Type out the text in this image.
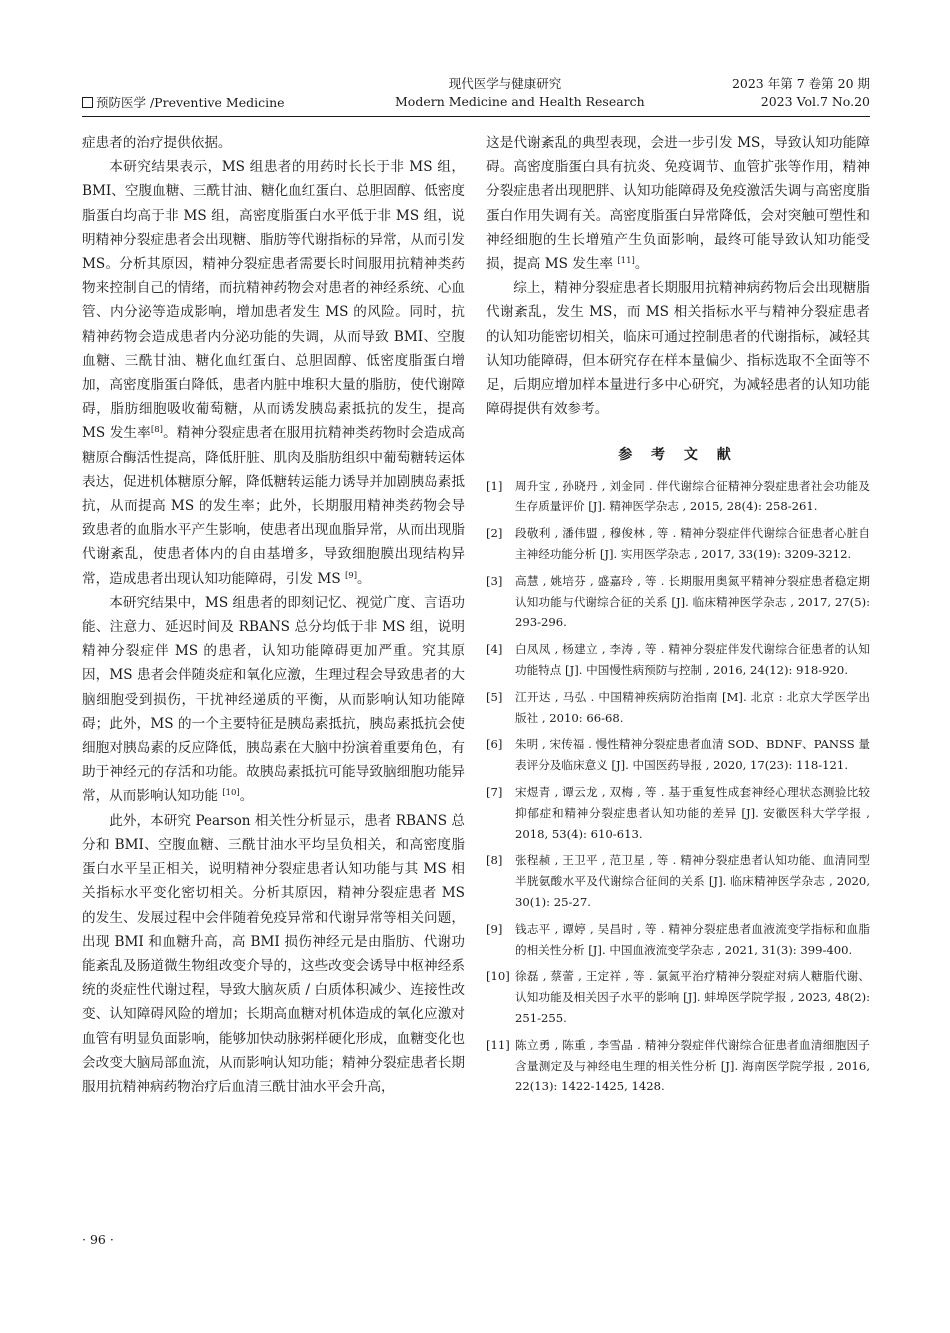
预防医学 /Preventive Medicine
现代医学与健康研究
Modern Medicine and Health Research
2023 年第 7 卷第 20 期
2023 Vol.7 No.20

症患者的治疗提供依据。

本研究结果表示，MS 组患者的用药时长长于非 MS 组，BMI、空腹血糖、三酰甘油、糖化血红蛋白、总胆固醇、低密度脂蛋白均高于非 MS 组，高密度脂蛋白水平低于非 MS 组，说明精神分裂症患者会出现糖、脂肪等代谢指标的异常，从而引发 MS。分析其原因，精神分裂症患者需要长时间服用抗精神类药物来控制自己的情绪，而抗精神药物会对患者的神经系统、心血管、内分泌等造成影响，增加患者发生 MS 的风险。同时，抗精神药物会造成患者内分泌功能的失调，从而导致 BMI、空腹血糖、三酰甘油、糖化血红蛋白、总胆固醇、低密度脂蛋白增加，高密度脂蛋白降低，患者内脏中堆积大量的脂肪，使代谢障碍，脂肪细胞吸收葡萄糖，从而诱发胰岛素抵抗的发生，提高 MS 发生率[8]。精神分裂症患者在服用抗精神类药物时会造成高糖原合酶活性提高，降低肝脏、肌肉及脂肪组织中葡萄糖转运体表达，促进机体糖原分解，降低糖转运能力诱导并加剧胰岛素抵抗，从而提高 MS 的发生率；此外，长期服用精神类药物会导致患者的血脂水平产生影响，使患者出现血脂异常，从而出现脂代谢紊乱，使患者体内的自由基增多，导致细胞膜出现结构异常，造成患者出现认知功能障碍，引发 MS [9]。

本研究结果中，MS 组患者的即刻记忆、视觉广度、言语功能、注意力、延迟时间及 RBANS 总分均低于非 MS 组，说明精神分裂症伴 MS 的患者，认知功能障碍更加严重。究其原因，MS 患者会伴随炎症和氧化应激，生理过程会导致患者的大脑细胞受到损伤，干扰神经递质的平衡，从而影响认知功能障碍；此外，MS 的一个主要特征是胰岛素抵抗，胰岛素抵抗会使细胞对胰岛素的反应降低，胰岛素在大脑中扮演着重要角色，有助于神经元的存活和功能。故胰岛素抵抗可能导致脑细胞功能异常，从而影响认知功能 [10]。

此外，本研究 Pearson 相关性分析显示，患者 RBANS 总分和 BMI、空腹血糖、三酰甘油水平均呈负相关，和高密度脂蛋白水平呈正相关，说明精神分裂症患者认知功能与其 MS 相关指标水平变化密切相关。分析其原因，精神分裂症患者 MS 的发生、发展过程中会伴随着免疫异常和代谢异常等相关问题，出现 BMI 和血糖升高，高 BMI 损伤神经元是由脂肪、代谢功能紊乱及肠道微生物组改变介导的，这些改变会诱导中枢神经系统的炎症性代谢过程，导致大脑灰质 / 白质体积减少、连接性改变、认知障碍风险的增加；长期高血糖对机体造成的氧化应激对血管有明显负面影响，能够加快动脉粥样硬化形成，血糖变化也会改变大脑局部血流，从而影响认知功能；精神分裂症患者长期服用抗精神病药物治疗后血清三酰甘油水平会升高，

这是代谢紊乱的典型表现，会进一步引发 MS，导致认知功能障碍。高密度脂蛋白具有抗炎、免疫调节、血管扩张等作用，精神分裂症患者出现肥胖、认知功能障碍及免疫激活失调与高密度脂蛋白作用失调有关。高密度脂蛋白异常降低，会对突触可塑性和神经细胞的生长增殖产生负面影响，最终可能导致认知功能受损，提高 MS 发生率 [11]。

综上，精神分裂症患者长期服用抗精神病药物后会出现糖脂代谢紊乱，发生 MS，而 MS 相关指标水平与精神分裂症患者的认知功能密切相关，临床可通过控制患者的代谢指标，减轻其认知功能障碍，但本研究存在样本量偏少、指标选取不全面等不足，后期应增加样本量进行多中心研究，为减轻患者的认知功能障碍提供有效参考。

参 考 文 献
[1] 周升宝 , 孙晓丹 , 刘金同 . 伴代谢综合征精神分裂症患者社会功能及生存质量评价 [J]. 精神医学杂志 , 2015, 28(4): 258-261.
[2] 段敬利 , 潘伟盟 , 穆俊林 , 等 . 精神分裂症伴代谢综合征患者心脏自主神经功能分析 [J]. 实用医学杂志 , 2017, 33(19): 3209-3212.
[3] 高慧 , 姚培芬 , 盛嘉玲 , 等 . 长期服用奥氮平精神分裂症患者稳定期认知功能与代谢综合征的关系 [J]. 临床精神医学杂志 , 2017, 27(5): 293-296.
[4] 白凤凤 , 杨建立 , 李涛 , 等 . 精神分裂症伴发代谢综合征患者的认知功能特点 [J]. 中国慢性病预防与控制 , 2016, 24(12): 918-920.
[5] 江开达 , 马弘 . 中国精神疾病防治指南 [M]. 北京 : 北京大学医学出版社 , 2010: 66-68.
[6] 朱明 , 宋传福 . 慢性精神分裂症患者血清 SOD、BDNF、PANSS 量表评分及临床意义 [J]. 中国医药导报 , 2020, 17(23): 118-121.
[7] 宋煜青 , 谭云龙 , 双梅 , 等 . 基于重复性成套神经心理状态测验比较抑郁症和精神分裂症患者认知功能的差异 [J]. 安徽医科大学学报 , 2018, 53(4): 610-613.
[8] 张程赪 , 王卫平 , 范卫星 , 等 . 精神分裂症患者认知功能、血清同型半胱氨酸水平及代谢综合征间的关系 [J]. 临床精神医学杂志 , 2020, 30(1): 25-27.
[9] 钱志平 , 谭婷 , 吴昌时 , 等 . 精神分裂症患者血液流变学指标和血脂的相关性分析 [J]. 中国血液流变学杂志 , 2021, 31(3): 399-400.
[10] 徐磊 , 蔡蕾 , 王定祥 , 等 . 氯氮平治疗精神分裂症对病人糖脂代谢、认知功能及相关因子水平的影响 [J]. 蚌埠医学院学报 , 2023, 48(2): 251-255.
[11] 陈立勇 , 陈重 , 李雪晶 . 精神分裂症伴代谢综合征患者血清细胞因子含量测定及与神经电生理的相关性分析 [J]. 海南医学院学报 , 2016, 22(13): 1422-1425, 1428.
· 96 ·
